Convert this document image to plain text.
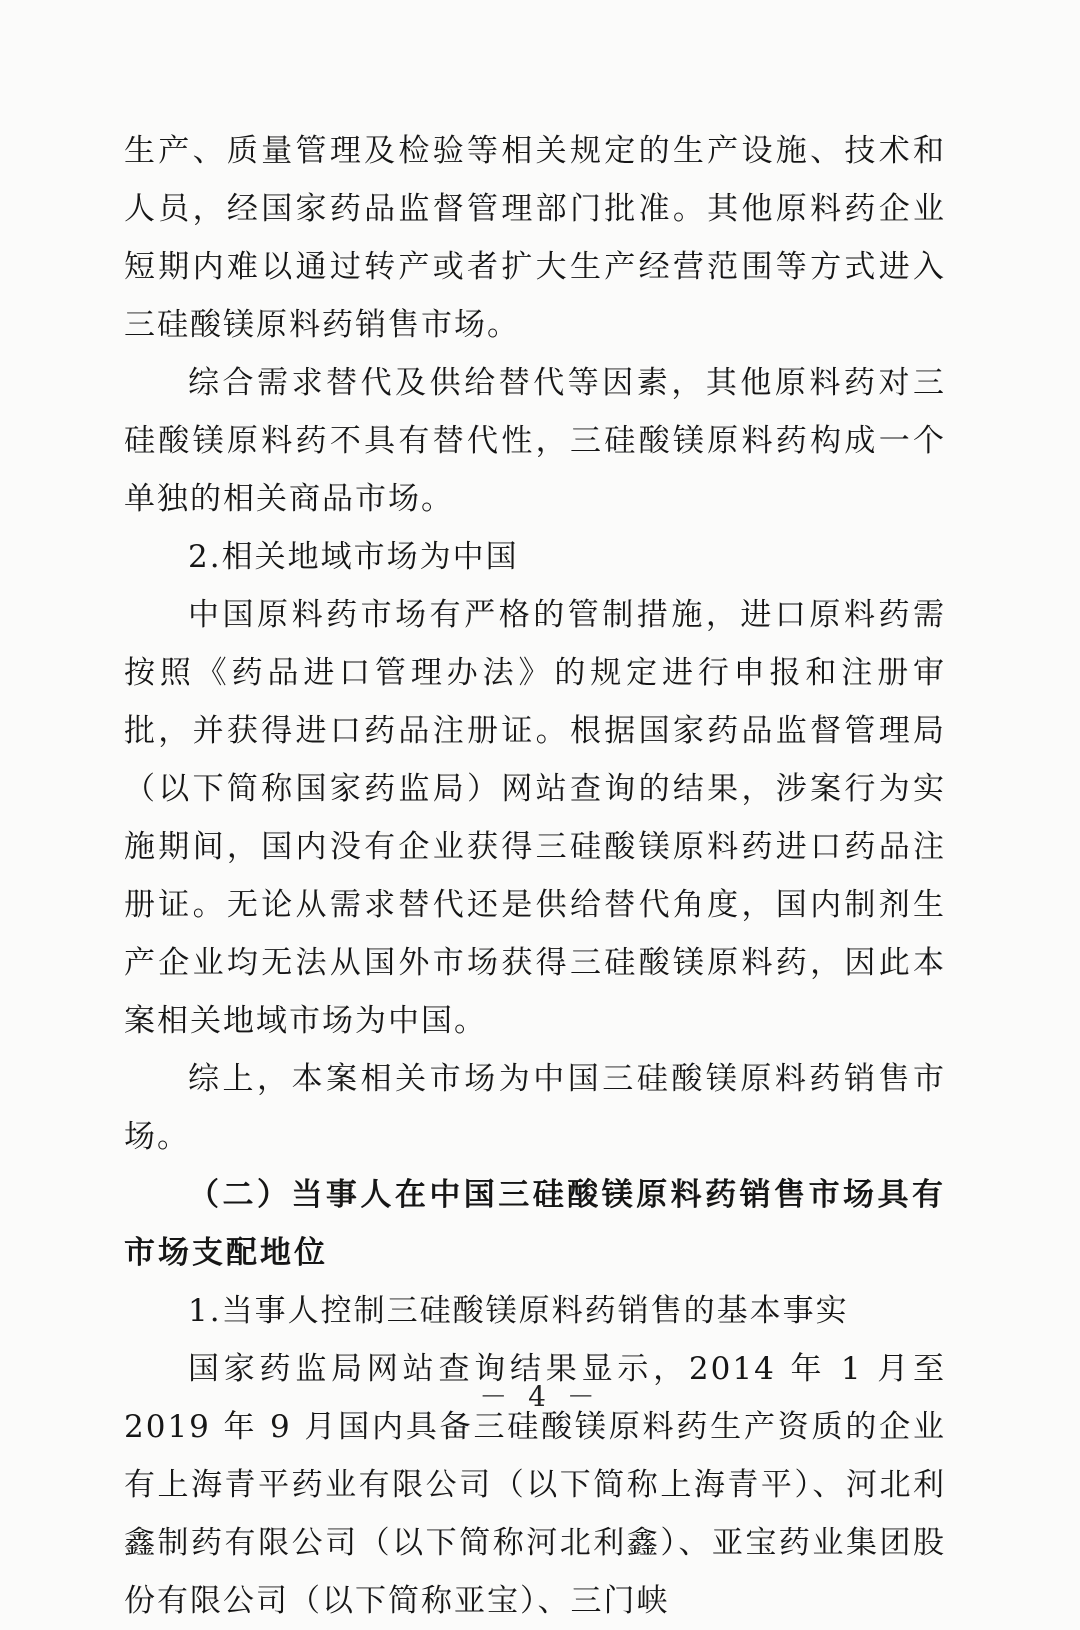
生产、质量管理及检验等相关规定的生产设施、技术和人员，经国家药品监督管理部门批准。其他原料药企业短期内难以通过转产或者扩大生产经营范围等方式进入三硅酸镁原料药销售市场。

综合需求替代及供给替代等因素，其他原料药对三硅酸镁原料药不具有替代性，三硅酸镁原料药构成一个单独的相关商品市场。

2.相关地域市场为中国

中国原料药市场有严格的管制措施，进口原料药需按照《药品进口管理办法》的规定进行申报和注册审批，并获得进口药品注册证。根据国家药品监督管理局（以下简称国家药监局）网站查询的结果，涉案行为实施期间，国内没有企业获得三硅酸镁原料药进口药品注册证。无论从需求替代还是供给替代角度，国内制剂生产企业均无法从国外市场获得三硅酸镁原料药，因此本案相关地域市场为中国。

综上，本案相关市场为中国三硅酸镁原料药销售市场。

（二）当事人在中国三硅酸镁原料药销售市场具有市场支配地位

1.当事人控制三硅酸镁原料药销售的基本事实

国家药监局网站查询结果显示，2014 年 1 月至 2019 年 9 月国内具备三硅酸镁原料药生产资质的企业有上海青平药业有限公司（以下简称上海青平）、河北利鑫制药有限公司（以下简称河北利鑫）、亚宝药业集团股份有限公司（以下简称亚宝）、三门峡

－ 4 －
